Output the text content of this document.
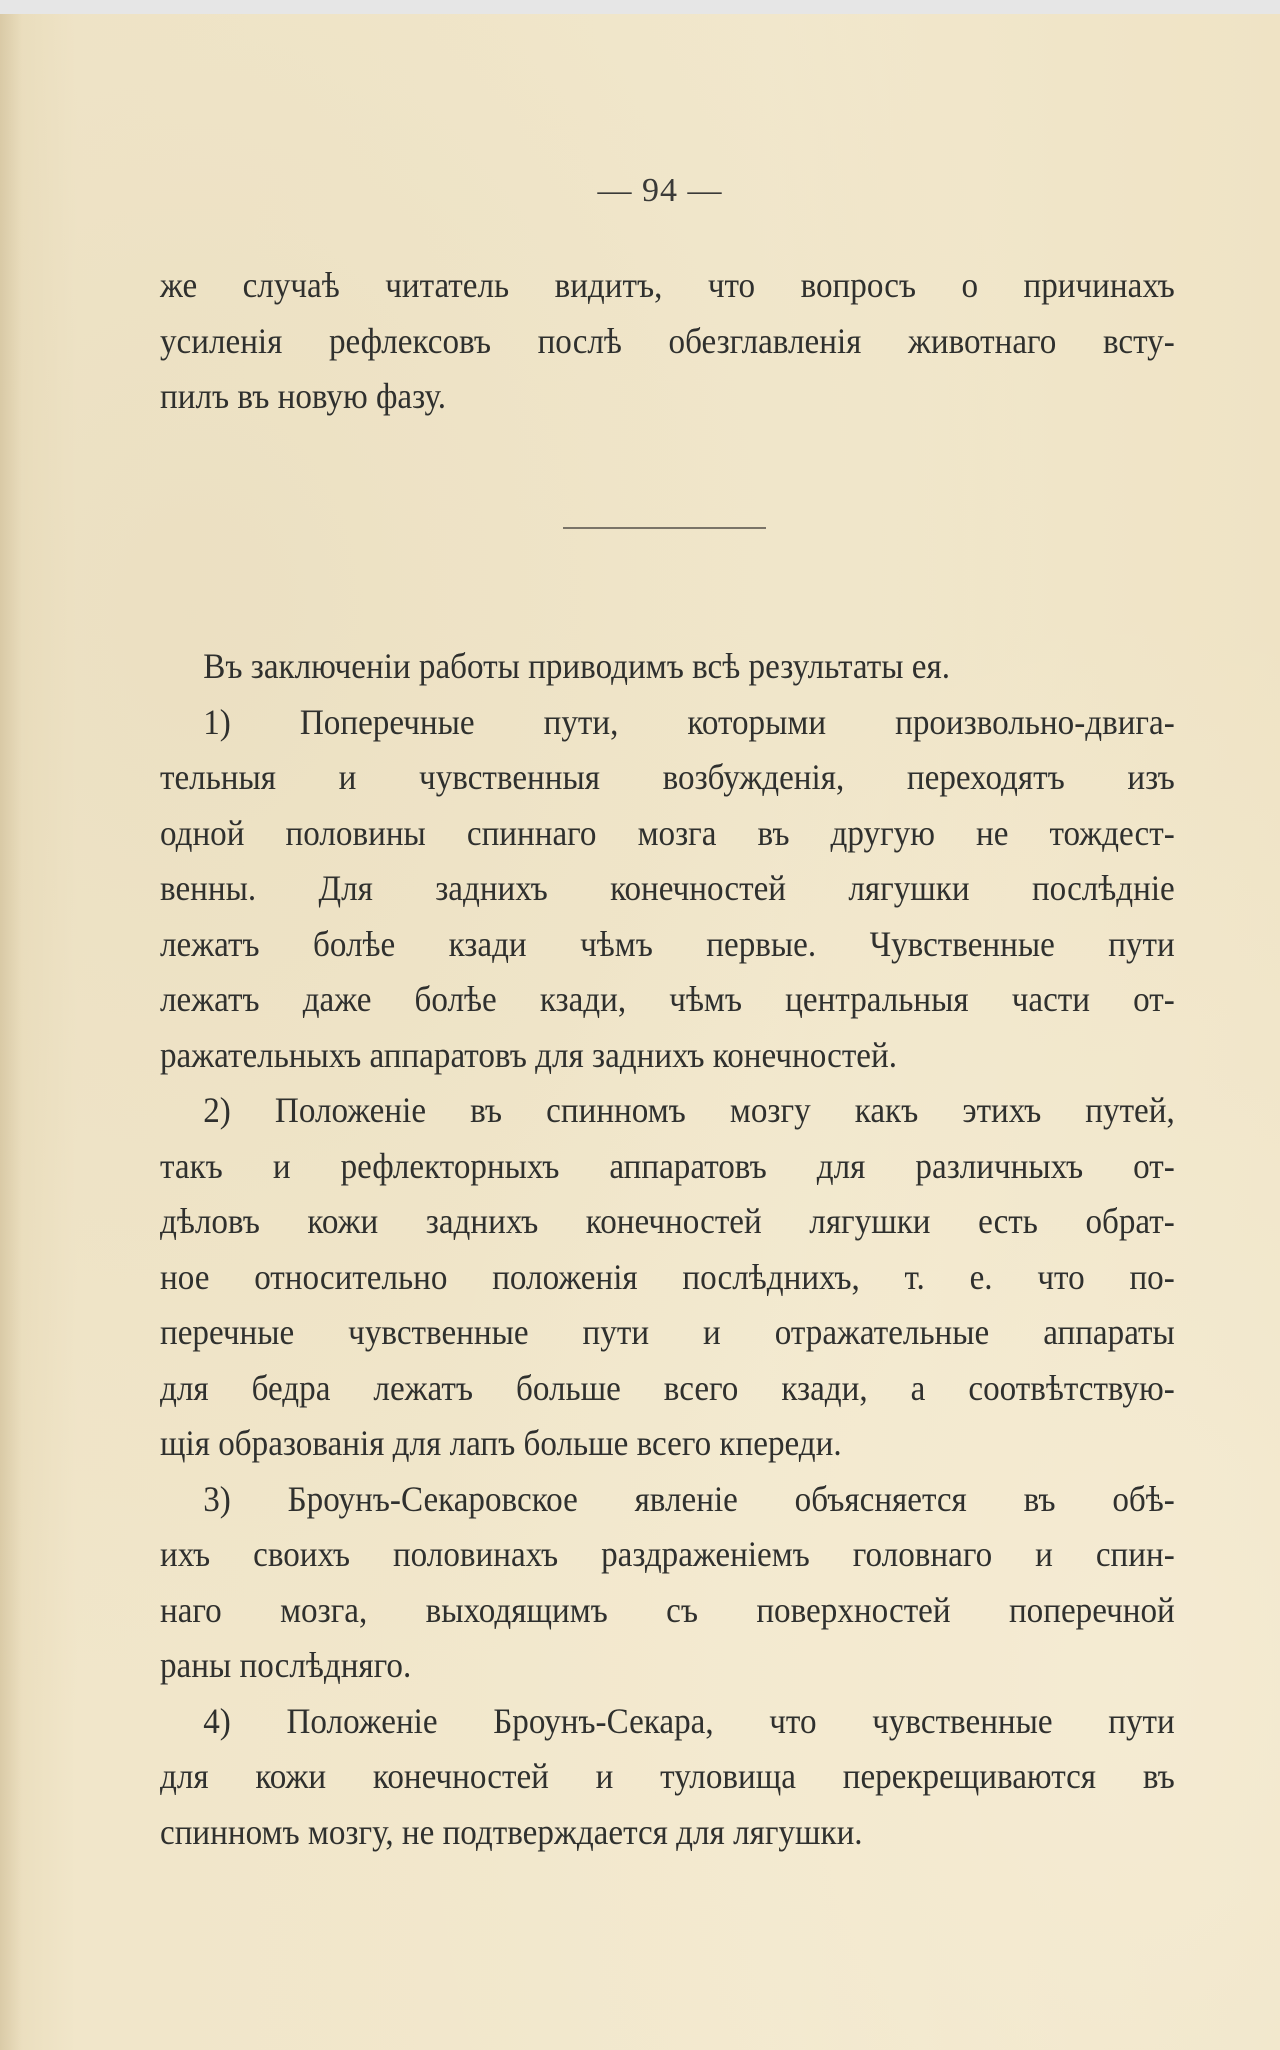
— 94 —
же случаѣ читатель видитъ, что вопросъ о причинахъ
усиленія рефлексовъ послѣ обезглавленія животнаго всту-
пилъ въ новую фазу.
Въ заключеніи работы приводимъ всѣ результаты ея.
1) Поперечные пути, которыми произвольно-двига-
тельныя и чувственныя возбужденія, переходятъ изъ
одной половины спиннаго мозга въ другую не тождест-
венны. Для заднихъ конечностей лягушки послѣдніе
лежатъ болѣе кзади чѣмъ первые. Чувственные пути
лежатъ даже болѣе кзади, чѣмъ центральныя части от-
ражательныхъ аппаратовъ для заднихъ конечностей.
2) Положеніе въ спинномъ мозгу какъ этихъ путей,
такъ и рефлекторныхъ аппаратовъ для различныхъ от-
дѣловъ кожи заднихъ конечностей лягушки есть обрат-
ное относительно положенія послѣднихъ, т. е. что по-
перечные чувственные пути и отражательные аппараты
для бедра лежатъ больше всего кзади, а соотвѣтствую-
щія образованія для лапъ больше всего кпереди.
3) Броунъ-Секаровское явленіе объясняется въ обѣ-
ихъ своихъ половинахъ раздраженіемъ головнаго и спин-
наго мозга, выходящимъ съ поверхностей поперечной
раны послѣдняго.
4) Положеніе Броунъ-Секара, что чувственные пути
для кожи конечностей и туловища перекрещиваются въ
спинномъ мозгу, не подтверждается для лягушки.
